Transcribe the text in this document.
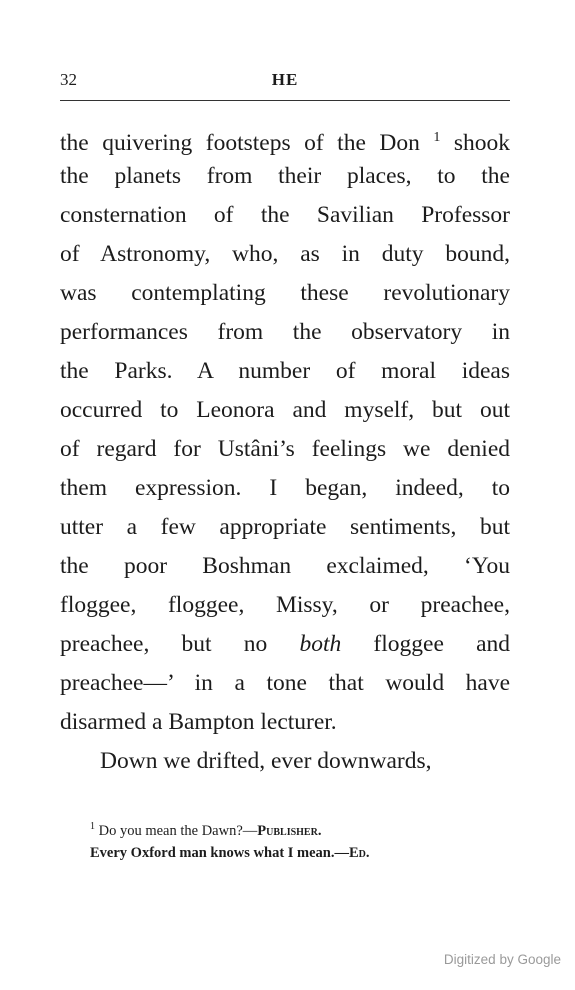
32	HE
the quivering footsteps of the Don $^1$ shook
the planets from their places, to the
consternation of the Savilian Professor
of Astronomy, who, as in duty bound,
was contemplating these revolutionary
performances from the observatory in
the Parks. A number of moral ideas
occurred to Leonora and myself, but out
of regard for Ustâni’s feelings we denied
them expression. I began, indeed, to
utter a few appropriate sentiments, but
the poor Boshman exclaimed, ‘You
floggee, floggee, Missy, or preachee,
preachee, but no both floggee and
preachee—’ in a tone that would have
disarmed a Bampton lecturer.
Down we drifted, ever downwards,
$^1$ Do you mean the Dawn?—Publisher.
Every Oxford man knows what I mean.—Ed.
Digitized by Google
